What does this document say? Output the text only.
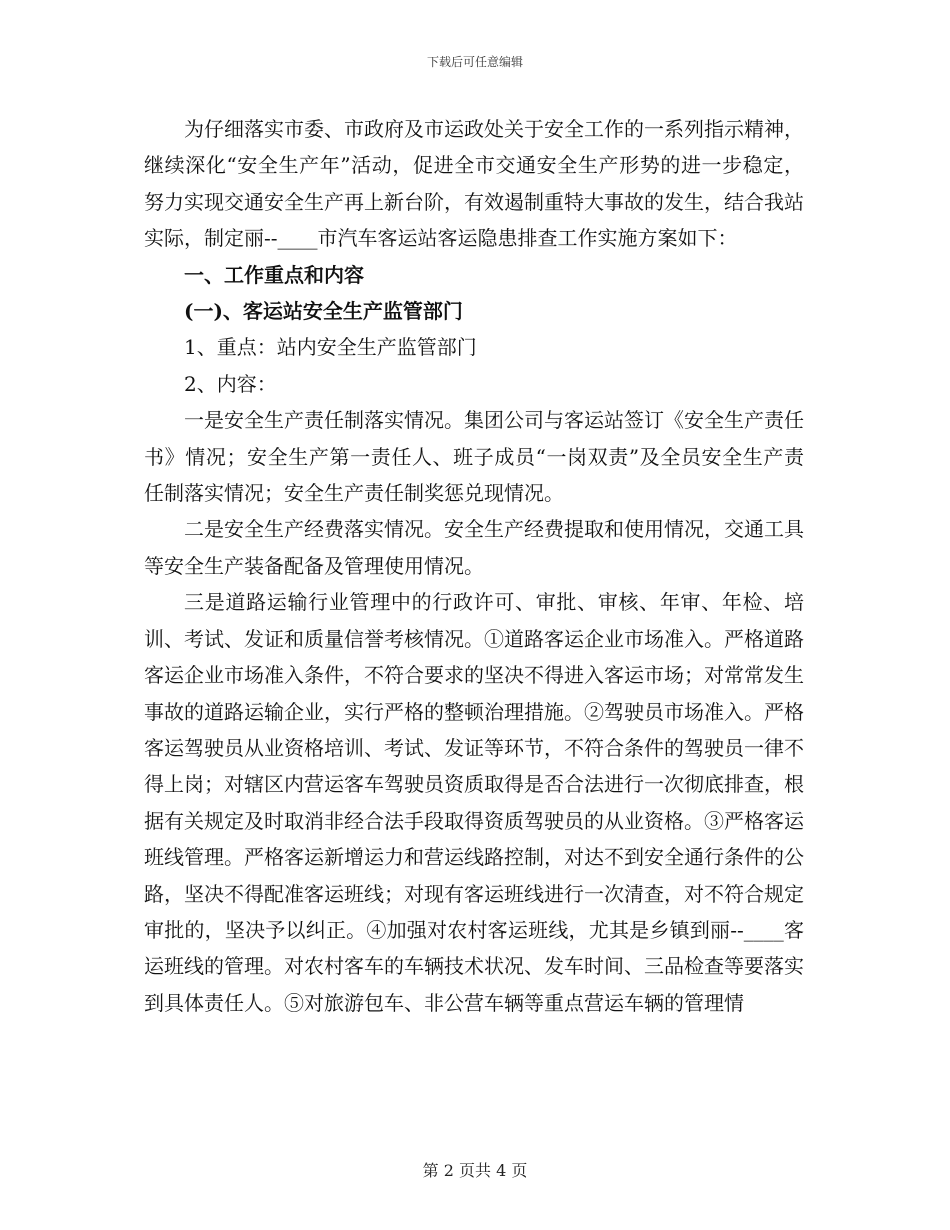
下载后可任意编辑

为仔细落实市委、市政府及市运政处关于安全工作的一系列指示精神，继续深化“安全生产年”活动，促进全市交通安全生产形势的进一步稳定，努力实现交通安全生产再上新台阶，有效遏制重特大事故的发生，结合我站实际，制定丽--____市汽车客运站客运隐患排查工作实施方案如下：

一、工作重点和内容

(一)、客运站安全生产监管部门

1、重点：站内安全生产监管部门

2、内容：

一是安全生产责任制落实情况。集团公司与客运站签订《安全生产责任书》情况；安全生产第一责任人、班子成员“一岗双责”及全员安全生产责任制落实情况；安全生产责任制奖惩兑现情况。

二是安全生产经费落实情况。安全生产经费提取和使用情况，交通工具等安全生产装备配备及管理使用情况。

三是道路运输行业管理中的行政许可、审批、审核、年审、年检、培训、考试、发证和质量信誉考核情况。①道路客运企业市场准入。严格道路客运企业市场准入条件，不符合要求的坚决不得进入客运市场；对常常发生事故的道路运输企业，实行严格的整顿治理措施。②驾驶员市场准入。严格客运驾驶员从业资格培训、考试、发证等环节，不符合条件的驾驶员一律不得上岗；对辖区内营运客车驾驶员资质取得是否合法进行一次彻底排查，根据有关规定及时取消非经合法手段取得资质驾驶员的从业资格。③严格客运班线管理。严格客运新增运力和营运线路控制，对达不到安全通行条件的公路，坚决不得配准客运班线；对现有客运班线进行一次清查，对不符合规定审批的，坚决予以纠正。④加强对农村客运班线，尤其是乡镇到丽--____客运班线的管理。对农村客车的车辆技术状况、发车时间、三品检查等要落实到具体责任人。⑤对旅游包车、非公营车辆等重点营运车辆的管理情

第 2 页共 4 页
